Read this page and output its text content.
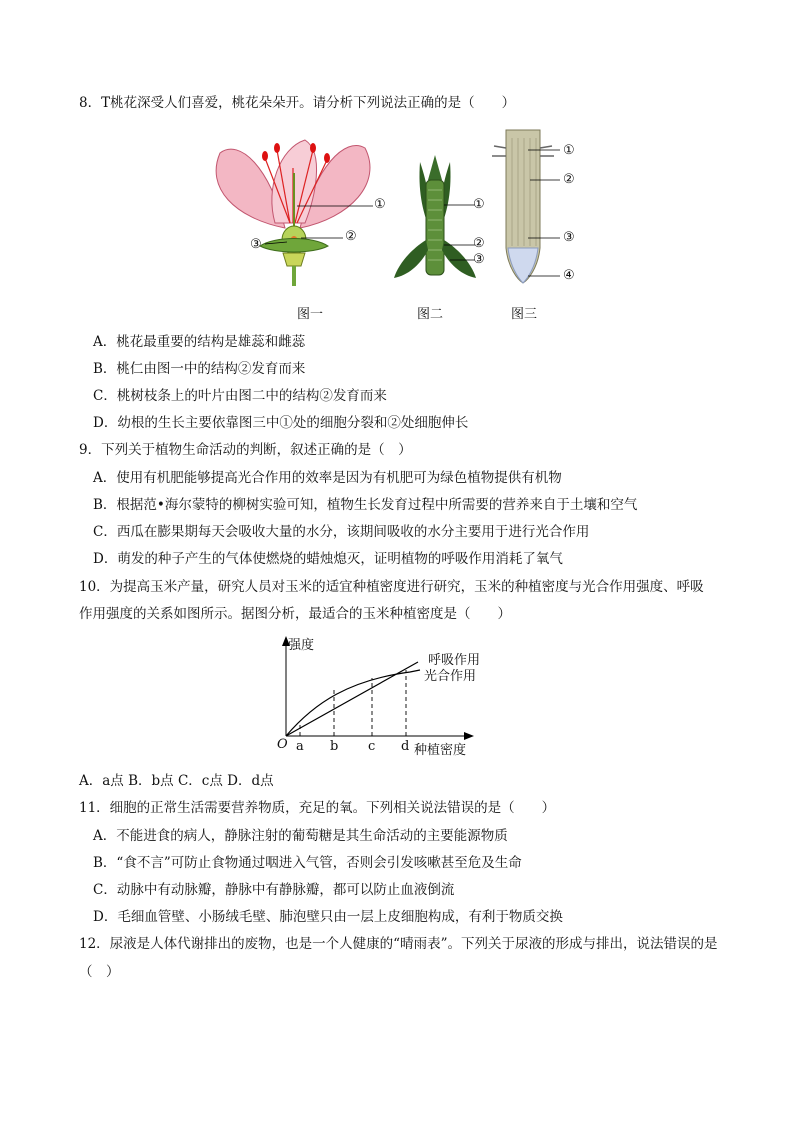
8．T桃花深受人们喜爱，桃花朵朵开。请分析下列说法正确的是（　　）
①
②
③
①
②
③
①
②
③
④
图一	图二	图三
A．桃花最重要的结构是雄蕊和雌蕊
B．桃仁由图一中的结构②发育而来
C．桃树枝条上的叶片由图二中的结构②发育而来
D．幼根的生长主要依靠图三中①处的细胞分裂和②处细胞伸长
9．下列关于植物生命活动的判断，叙述正确的是（　）
A．使用有机肥能够提高光合作用的效率是因为有机肥可为绿色植物提供有机物
B．根据范•海尔蒙特的柳树实验可知，植物生长发育过程中所需要的营养来自于土壤和空气
C．西瓜在膨果期每天会吸收大量的水分，该期间吸收的水分主要用于进行光合作用
D．萌发的种子产生的气体使燃烧的蜡烛熄灭，证明植物的呼吸作用消耗了氧气
10．为提高玉米产量，研究人员对玉米的适宜种植密度进行研究，玉米的种植密度与光合作用强度、呼吸
作用强度的关系如图所示。据图分析，最适合的玉米种植密度是（　　）
强度
O a b c d 种植密度
呼吸作用
光合作用
A．a点 B．b点 C．c点 D．d点
11．细胞的正常生活需要营养物质，充足的氧。下列相关说法错误的是（　　）
A．不能进食的病人，静脉注射的葡萄糖是其生命活动的主要能源物质
B．“食不言”可防止食物通过咽进入气管，否则会引发咳嗽甚至危及生命
C．动脉中有动脉瓣，静脉中有静脉瓣，都可以防止血液倒流
D．毛细血管壁、小肠绒毛壁、肺泡壁只由一层上皮细胞构成，有利于物质交换
12．尿液是人体代谢排出的废物，也是一个人健康的“晴雨表”。下列关于尿液的形成与排出，说法错误的是
（　）
